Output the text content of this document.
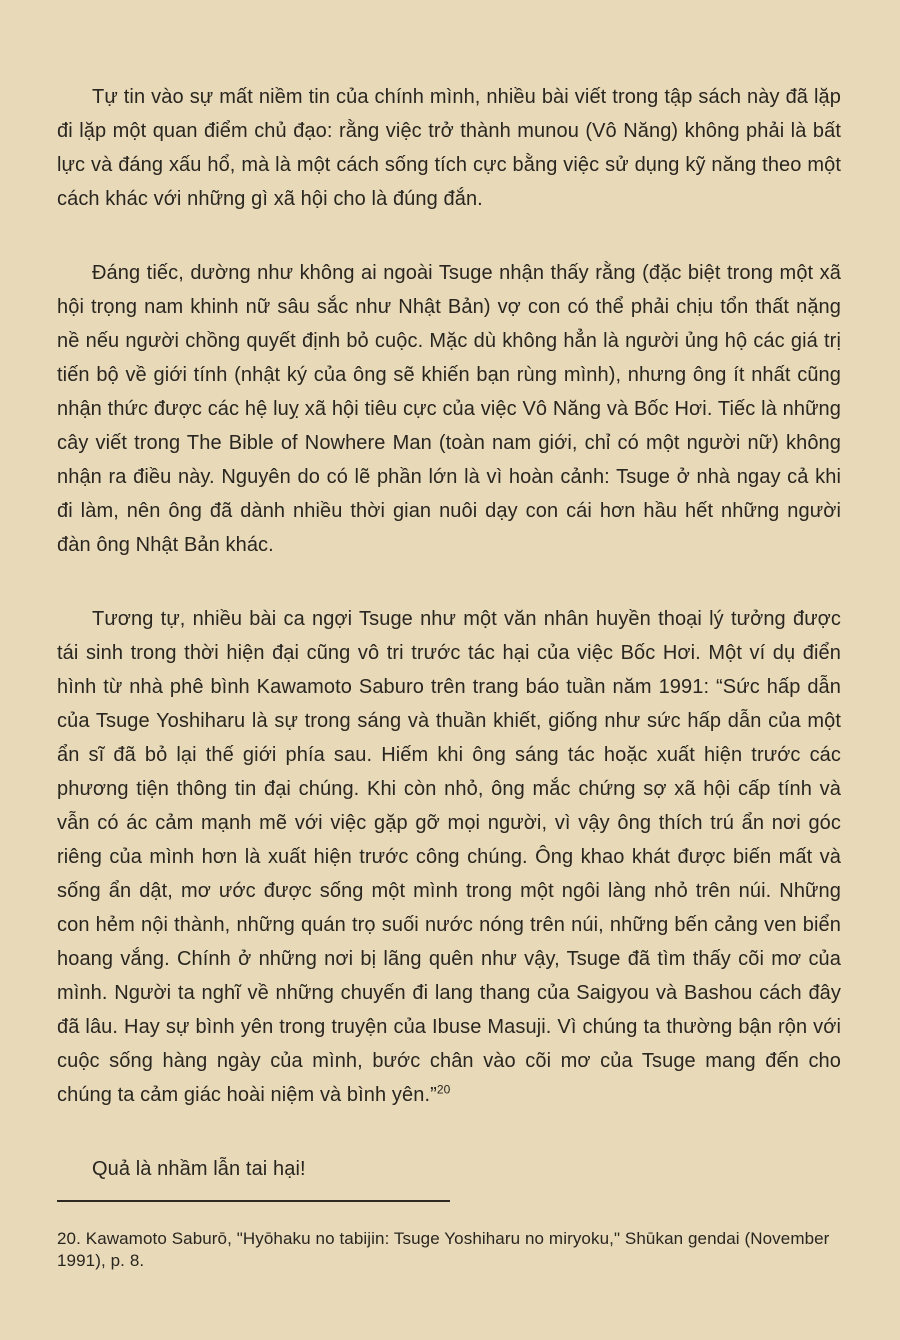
Tự tin vào sự mất niềm tin của chính mình, nhiều bài viết trong tập sách này đã lặp đi lặp một quan điểm chủ đạo: rằng việc trở thành munou (Vô Năng) không phải là bất lực và đáng xấu hổ, mà là một cách sống tích cực bằng việc sử dụng kỹ năng theo một cách khác với những gì xã hội cho là đúng đắn.

Đáng tiếc, dường như không ai ngoài Tsuge nhận thấy rằng (đặc biệt trong một xã hội trọng nam khinh nữ sâu sắc như Nhật Bản) vợ con có thể phải chịu tổn thất nặng nề nếu người chồng quyết định bỏ cuộc. Mặc dù không hẳn là người ủng hộ các giá trị tiến bộ về giới tính (nhật ký của ông sẽ khiến bạn rùng mình), nhưng ông ít nhất cũng nhận thức được các hệ luỵ xã hội tiêu cực của việc Vô Năng và Bốc Hơi. Tiếc là những cây viết trong The Bible of Nowhere Man (toàn nam giới, chỉ có một người nữ) không nhận ra điều này. Nguyên do có lẽ phần lớn là vì hoàn cảnh: Tsuge ở nhà ngay cả khi đi làm, nên ông đã dành nhiều thời gian nuôi dạy con cái hơn hầu hết những người đàn ông Nhật Bản khác.

Tương tự, nhiều bài ca ngợi Tsuge như một văn nhân huyền thoại lý tưởng được tái sinh trong thời hiện đại cũng vô tri trước tác hại của việc Bốc Hơi. Một ví dụ điển hình từ nhà phê bình Kawamoto Saburo trên trang báo tuần năm 1991: “Sức hấp dẫn của Tsuge Yoshiharu là sự trong sáng và thuần khiết, giống như sức hấp dẫn của một ẩn sĩ đã bỏ lại thế giới phía sau. Hiếm khi ông sáng tác hoặc xuất hiện trước các phương tiện thông tin đại chúng. Khi còn nhỏ, ông mắc chứng sợ xã hội cấp tính và vẫn có ác cảm mạnh mẽ với việc gặp gỡ mọi người, vì vậy ông thích trú ẩn nơi góc riêng của mình hơn là xuất hiện trước công chúng. Ông khao khát được biến mất và sống ẩn dật, mơ ước được sống một mình trong một ngôi làng nhỏ trên núi. Những con hẻm nội thành, những quán trọ suối nước nóng trên núi, những bến cảng ven biển hoang vắng. Chính ở những nơi bị lãng quên như vậy, Tsuge đã tìm thấy cõi mơ của mình. Người ta nghĩ về những chuyến đi lang thang của Saigyou và Bashou cách đây đã lâu. Hay sự bình yên trong truyện của Ibuse Masuji. Vì chúng ta thường bận rộn với cuộc sống hàng ngày của mình, bước chân vào cõi mơ của Tsuge mang đến cho chúng ta cảm giác hoài niệm và bình yên.”$^{20}$

Quả là nhầm lẫn tai hại!

20. Kawamoto Saburō, "Hyōhaku no tabijin: Tsuge Yoshiharu no miryoku," Shūkan gendai (November 1991), p. 8.
